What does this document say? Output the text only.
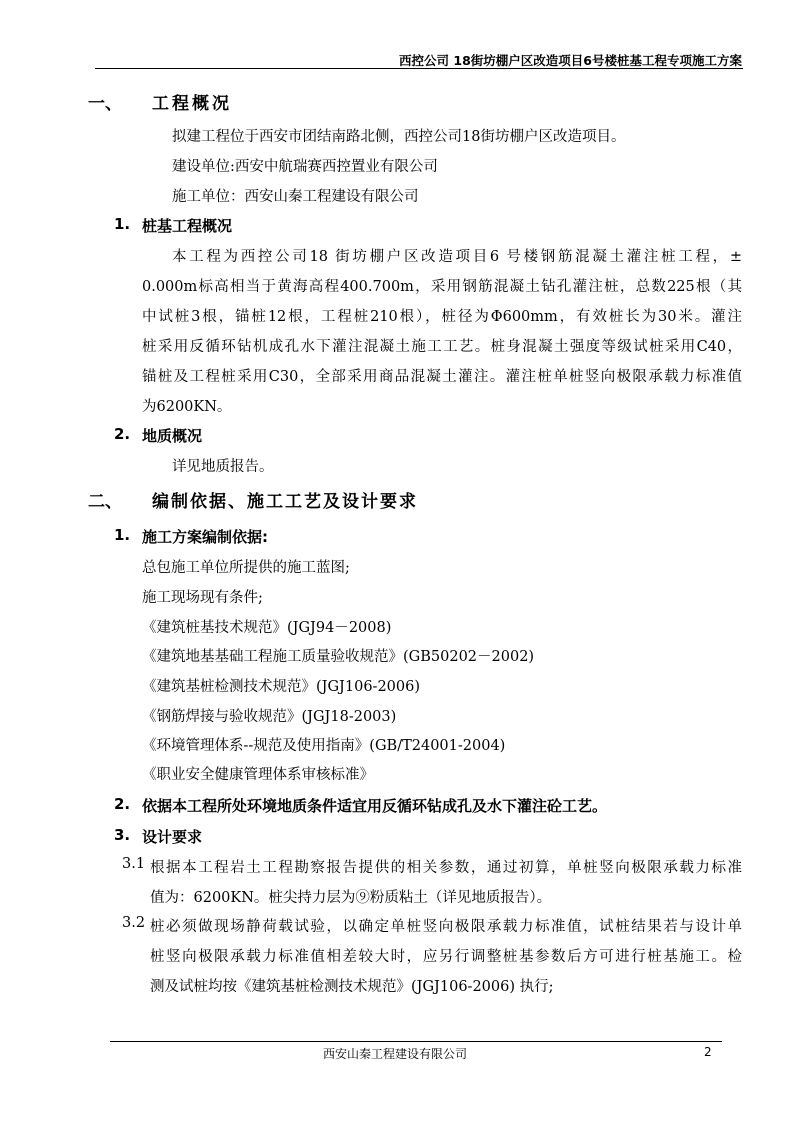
西控公司 18街坊棚户区改造项目6号楼桩基工程专项施工方案
一、 工程概况
拟建工程位于西安市团结南路北侧，西控公司18街坊棚户区改造项目。
建设单位:西安中航瑞赛西控置业有限公司
施工单位：西安山秦工程建设有限公司
1. 桩基工程概况
本工程为西控公司18 街坊棚户区改造项目6 号楼钢筋混凝土灌注桩工程，±
0.000m标高相当于黄海高程400.700m，采用钢筋混凝土钻孔灌注桩，总数225根（其
中试桩3根，锚桩12根，工程桩210根），桩径为Φ600mm，有效桩长为30米。灌注
桩采用反循环钻机成孔水下灌注混凝土施工工艺。桩身混凝土强度等级试桩采用C40，
锚桩及工程桩采用C30，全部采用商品混凝土灌注。灌注桩单桩竖向极限承载力标准值
为6200KN。
2. 地质概况
详见地质报告。
二、 编制依据、施工工艺及设计要求
1. 施工方案编制依据:
总包施工单位所提供的施工蓝图;
施工现场现有条件;
《建筑桩基技术规范》(JGJ94－2008)
《建筑地基基础工程施工质量验收规范》(GB50202－2002)
《建筑基桩检测技术规范》(JGJ106-2006)
《钢筋焊接与验收规范》(JGJ18-2003)
《环境管理体系--规范及使用指南》(GB/T24001-2004)
《职业安全健康管理体系审核标准》
2. 依据本工程所处环境地质条件适宜用反循环钻成孔及水下灌注砼工艺。
3. 设计要求
3.1 根据本工程岩土工程勘察报告提供的相关参数，通过初算，单桩竖向极限承载力标准
值为：6200KN。桩尖持力层为⑨粉质粘土（详见地质报告）。
3.2 桩必须做现场静荷载试验，以确定单桩竖向极限承载力标准值，试桩结果若与设计单
桩竖向极限承载力标准值相差较大时，应另行调整桩基参数后方可进行桩基施工。检
测及试桩均按《建筑基桩检测技术规范》(JGJ106-2006) 执行;
西安山秦工程建设有限公司	2
